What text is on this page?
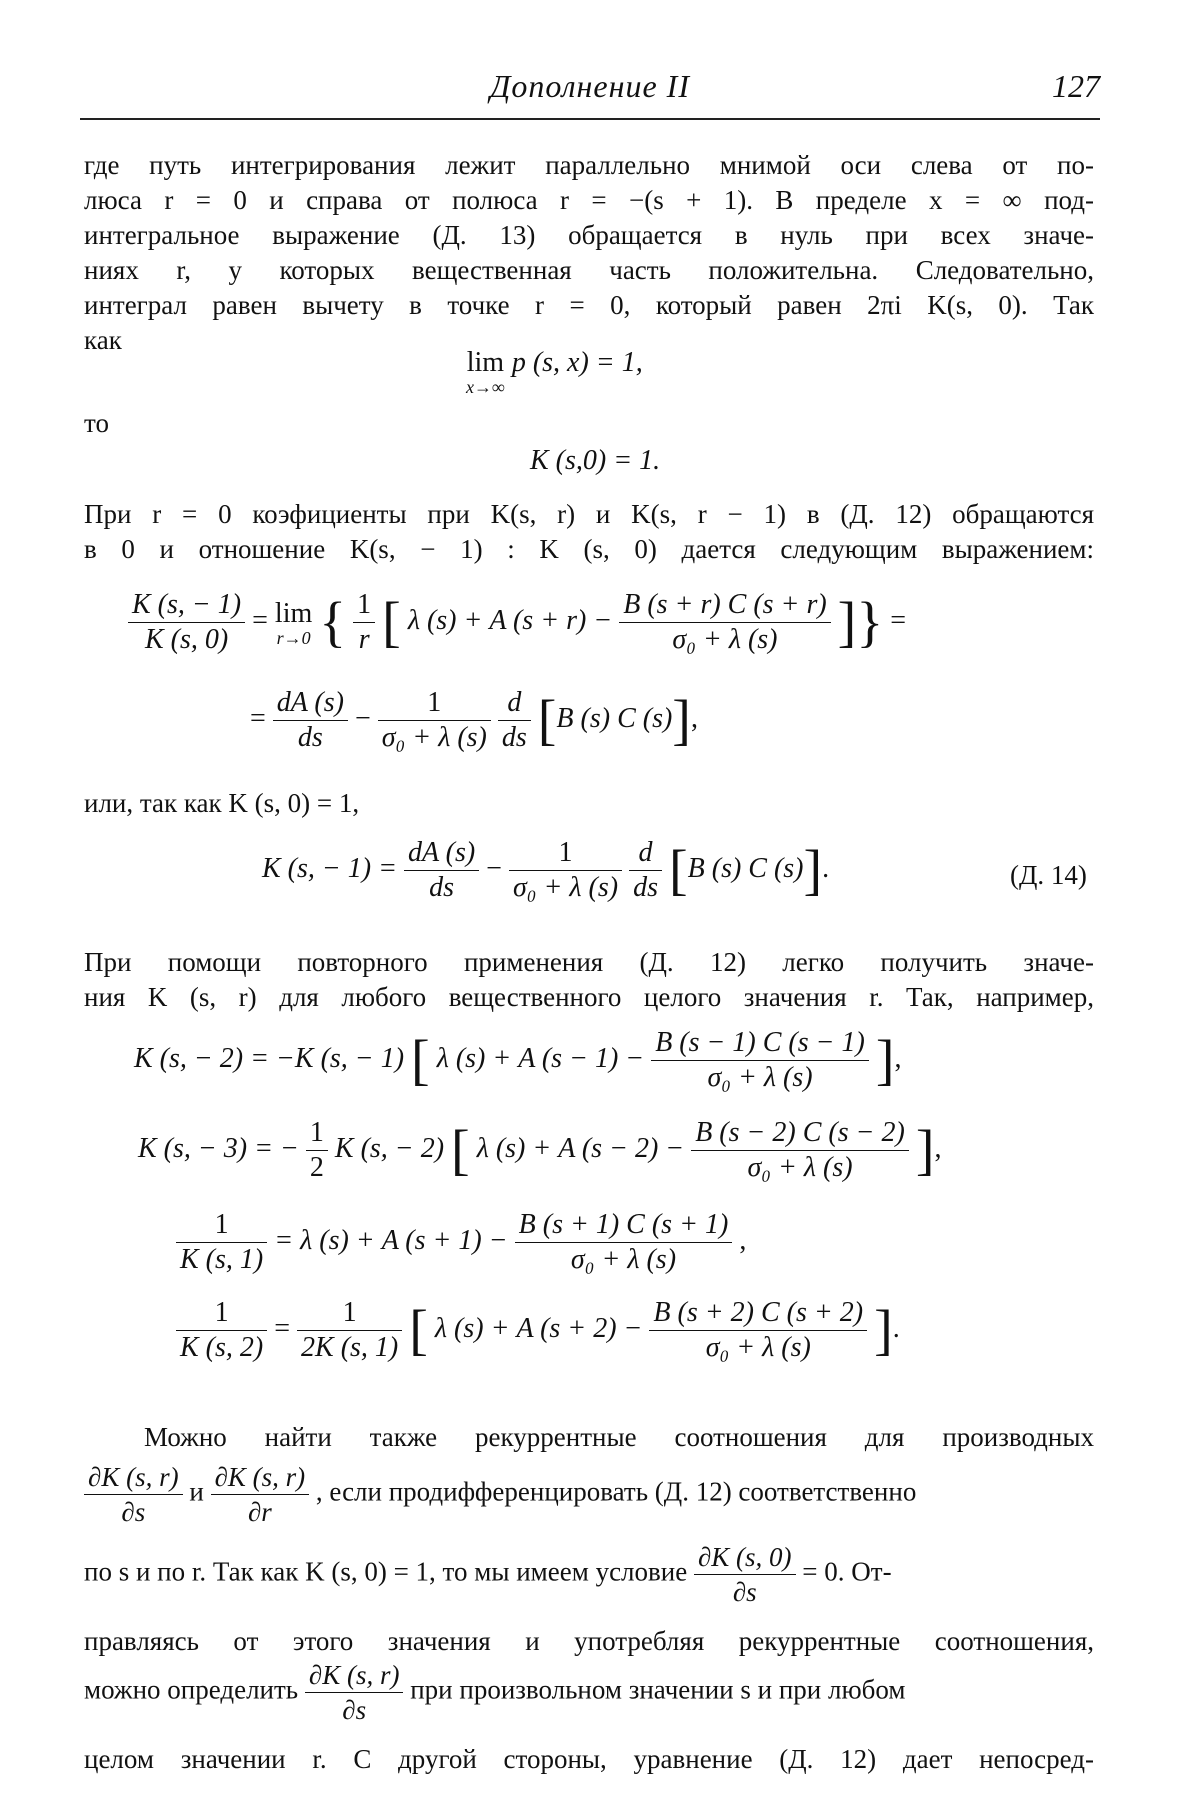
Дополнение II	127
где путь интегрирования лежит параллельно мнимой оси слева от по-
люса r = 0 и справа от полюса r = −(s + 1). В пределе x = ∞ под-
интегральное выражение (Д. 13) обращается в нуль при всех значе-
ниях r, у которых вещественная часть положительна. Следовательно,
интеграл равен вычету в точке r = 0, который равен 2πi K(s, 0). Так
как
lim
x→∞
p (s, x) = 1,
то
K (s,0) = 1.
При r = 0 коэфициенты при K(s, r) и K(s, r − 1) в (Д. 12) обращаются
в 0 и отношение K(s, − 1) : K (s, 0) дается следующим выражением:
$\frac{K (s, - 1)}{K (s, 0)} = \lim$
r→0 { $\frac{1}{r}$ [ λ (s) + A $(s + r) - \frac{B (s + r) C (s + r)}{\text{σ₀ + λ (s)}}$ ]} =
= $\frac{dA (s)}{ds} - \frac{1}{\text{σ₀ + λ (s)}}$
$\frac{d}{ds} [B$ (s) C (s)],
или, так как K (s, 0) = 1,
K (s, − $1) = \frac{dA (s)}{ds} - \frac{1}{\text{σ₀ + λ (s)}}$
$\frac{d}{ds} [B$ (s) C (s)].	(Д. 14)
При помощи повторного применения (Д. 12) легко получить значе-
ния K (s, r) для любого вещественного целого значения r. Так, например,
K (s, − 2) = −K (s, − 1) [ λ (s) + A $(s - 1) - \frac{B (s - 1) C (s - 1)}{\text{σ₀ + λ (s)}}$ ],
K (s, − 3) = − $\frac{1}{2}$ K (s, − 2) [ λ (s) + A $(s - 2) - \frac{B (s - 2) C (s - 2)}{\text{σ₀ + λ (s)}}$ ],
$\frac{1}{K (s, 1)} = \lambda$ (s) + A $(s + 1) - \frac{B (s + 1) C (s + 1)}{\text{σ₀ + λ (s)}}$ ,
$\frac{1}{K (s, 2)} = \frac{1}{2K (s, 1)}$ [ λ (s) + A $(s + 2) - \frac{B (s + 2) C (s + 2)}{\text{σ₀ + λ (s)}}$ ].
Можно найти также рекуррентные соотношения для производных
$\frac{\partial K (s, r)}{\partial s}$ и $\frac{\partial K (s, r)}{\partial r}$ , если продифференцировать (Д. 12) соответственно
по s и по r. Так как K (s, 0) = 1, то мы имеем условие $\frac{\partial K (s, 0)}{\partial s} = 0$. От-
правляясь от этого значения и употребляя рекуррентные соотношения,
можно определить $\frac{\partial K (s, r)}{\partial s}$ при произвольном значении s и при любом
целом значении r. С другой стороны, уравнение (Д. 12) дает непосред-
